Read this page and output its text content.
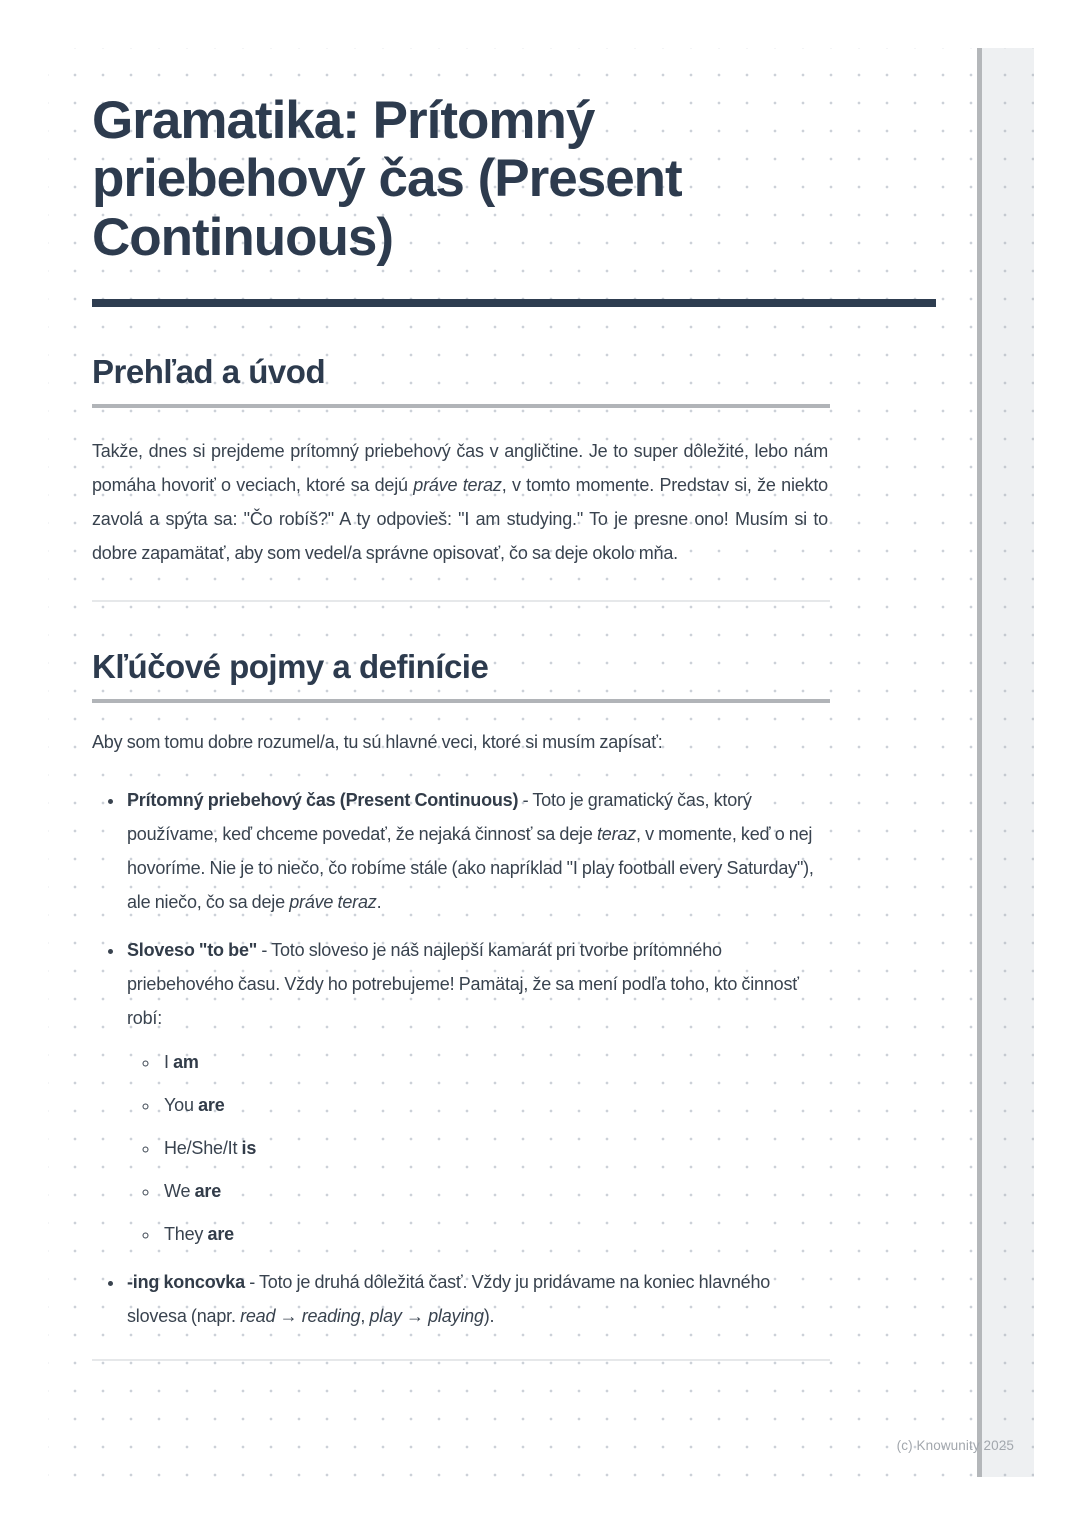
Gramatika: Prítomný
priebehový čas (Present
Continuous)
Prehľad a úvod

Takže, dnes si prejdeme prítomný priebehový čas v angličtine. Je to super dôležité, lebo nám pomáha hovoriť o veciach, ktoré sa dejú práve teraz, v tomto momente. Predstav si, že niekto zavolá a spýta sa: "Čo robíš?" A ty odpovieš: "I am studying." To je presne ono! Musím si to dobre zapamätať, aby som vedel/a správne opisovať, čo sa deje okolo mňa.

Kľúčové pojmy a definície

Aby som tomu dobre rozumel/a, tu sú hlavné veci, ktoré si musím zapísať:

• Prítomný priebehový čas (Present Continuous) - Toto je gramatický čas, ktorý používame, keď chceme povedať, že nejaká činnosť sa deje teraz, v momente, keď o nej hovoríme. Nie je to niečo, čo robíme stále (ako napríklad "I play football every Saturday"), ale niečo, čo sa deje práve teraz.
• Sloveso "to be" - Toto sloveso je náš najlepší kamarát pri tvorbe prítomného priebehového času. Vždy ho potrebujeme! Pamätaj, že sa mení podľa toho, kto činnosť robí:
◦ I am
◦ You are
◦ He/She/It is
◦ We are
◦ They are
• -ing koncovka - Toto je druhá dôležitá časť. Vždy ju pridávame na koniec hlavného slovesa (napr. read → reading, play → playing).
(c) Knowunity 2025
